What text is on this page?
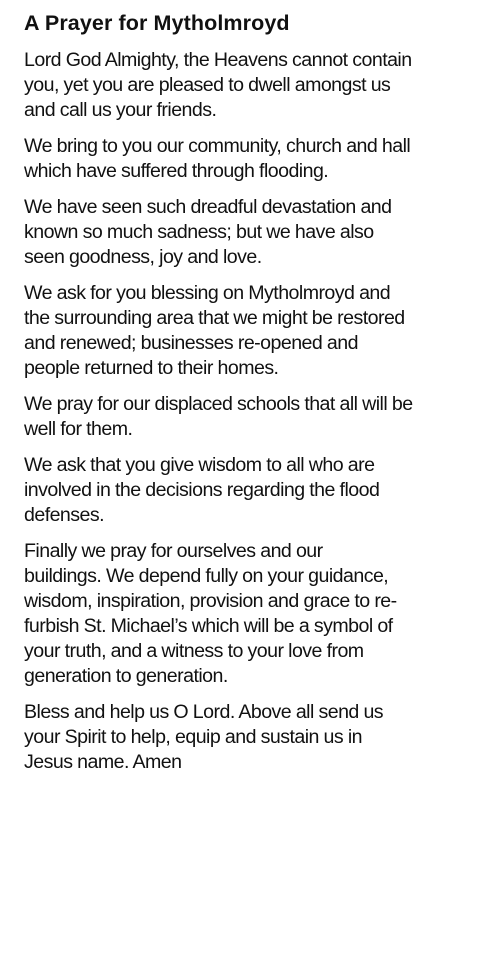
A Prayer for Mytholmroyd

Lord God Almighty, the Heavens cannot contain
you, yet you are pleased to dwell amongst us
and call us your friends.

We bring to you our community, church and hall
which have suffered through flooding.

We have seen such dreadful devastation and
known so much sadness; but we have also
seen goodness, joy and love.

We ask for you blessing on Mytholmroyd and
the surrounding area that we might be restored
and renewed; businesses re-opened and
people returned to their homes.

We pray for our displaced schools that all will be
well for them.

We ask that you give wisdom to all who are
involved in the decisions regarding the flood
defenses.

Finally we pray for ourselves and our
buildings. We depend fully on your guidance,
wisdom, inspiration, provision and grace to re-
furbish St. Michael’s which will be a symbol of
your truth, and a witness to your love from
generation to generation.

Bless and help us O Lord. Above all send us
your Spirit to help, equip and sustain us in
Jesus name. Amen
